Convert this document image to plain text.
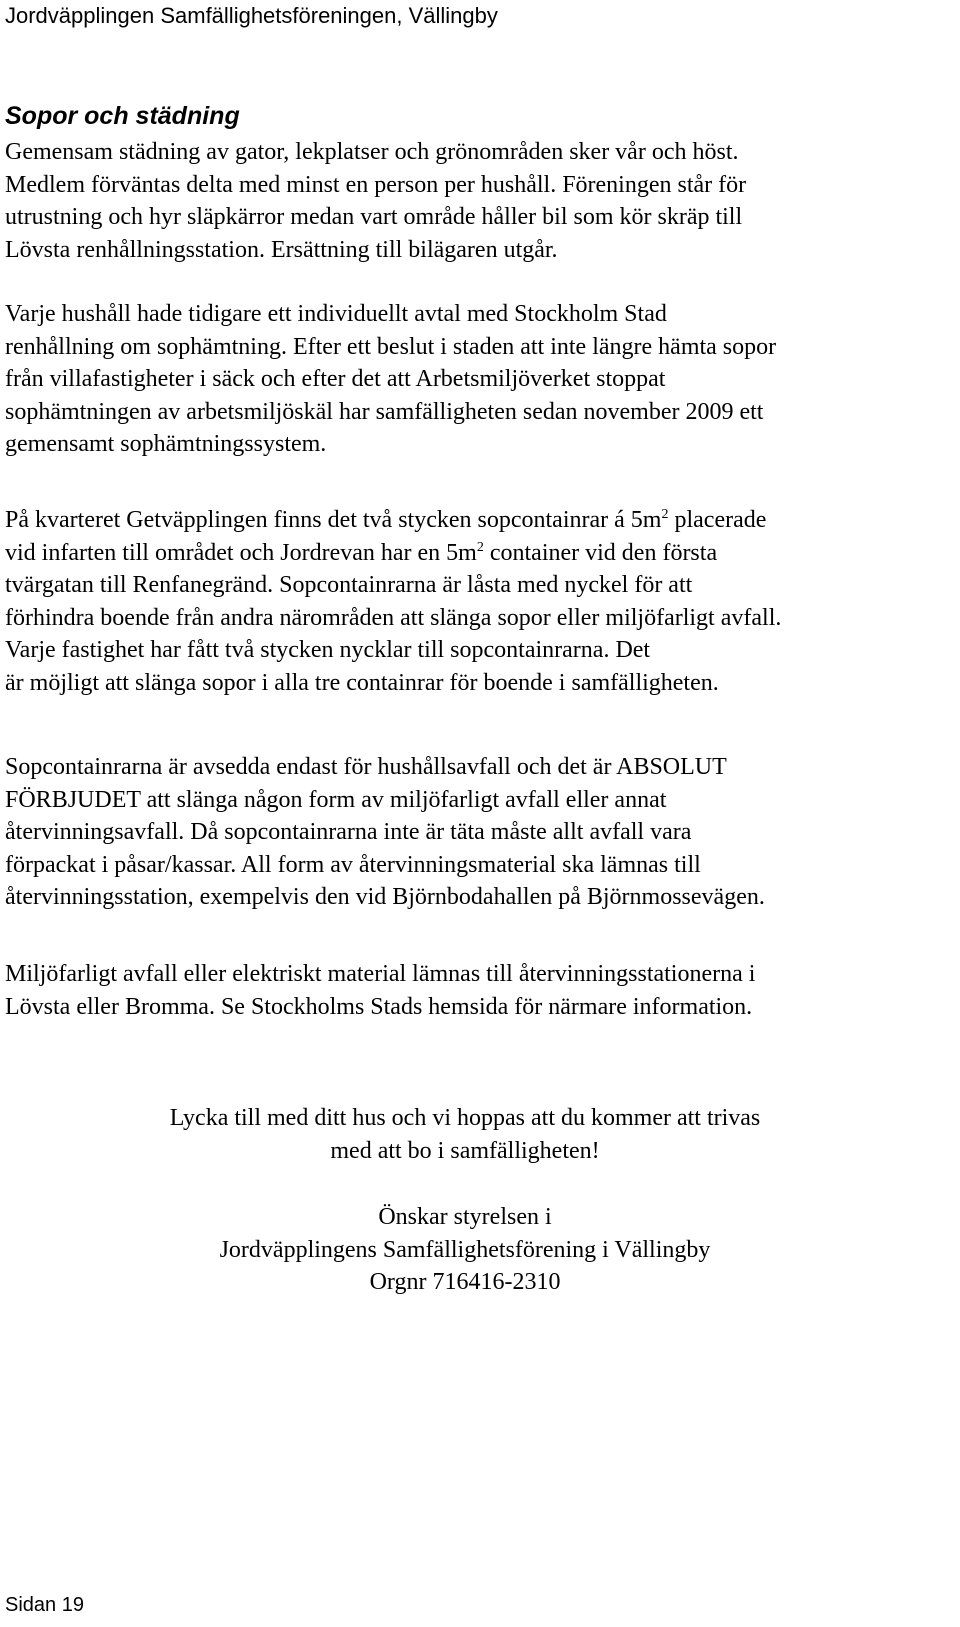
Jordväpplingen Samfällighetsföreningen, Vällingby
Sopor och städning
Gemensam städning av gator, lekplatser och grönområden sker vår och höst.
Medlem förväntas delta med minst en person per hushåll. Föreningen står för
utrustning och hyr släpkärror medan vart område håller bil som kör skräp till
Lövsta renhållningsstation. Ersättning till bilägaren utgår.
Varje hushåll hade tidigare ett individuellt avtal med Stockholm Stad
renhållning om sophämtning. Efter ett beslut i staden att inte längre hämta sopor
från villafastigheter i säck och efter det att Arbetsmiljöverket stoppat
sophämtningen av arbetsmiljöskäl har samfälligheten sedan november 2009 ett
gemensamt sophämtningssystem.
På kvarteret Getväpplingen finns det två stycken sopcontainrar á $5m^2$ placerade
vid infarten till området och Jordrevan har en $5m^2$ container vid den första
tvärgatan till Renfanegränd. Sopcontainrarna är låsta med nyckel för att
förhindra boende från andra närområden att slänga sopor eller miljöfarligt avfall.
Varje fastighet har fått två stycken nycklar till sopcontainrarna. Det
är möjligt att slänga sopor i alla tre containrar för boende i samfälligheten.
Sopcontainrarna är avsedda endast för hushållsavfall och det är ABSOLUT
FÖRBJUDET att slänga någon form av miljöfarligt avfall eller annat
återvinningsavfall. Då sopcontainrarna inte är täta måste allt avfall vara
förpackat i påsar/kassar. All form av återvinningsmaterial ska lämnas till
återvinningsstation, exempelvis den vid Björnbodahallen på Björnmossevägen.
Miljöfarligt avfall eller elektriskt material lämnas till återvinningsstationerna i
Lövsta eller Bromma. Se Stockholms Stads hemsida för närmare information.
Lycka till med ditt hus och vi hoppas att du kommer att trivas
med att bo i samfälligheten!
Önskar styrelsen i
Jordväpplingens Samfällighetsförening i Vällingby
Orgnr 716416-2310
Sidan 19
